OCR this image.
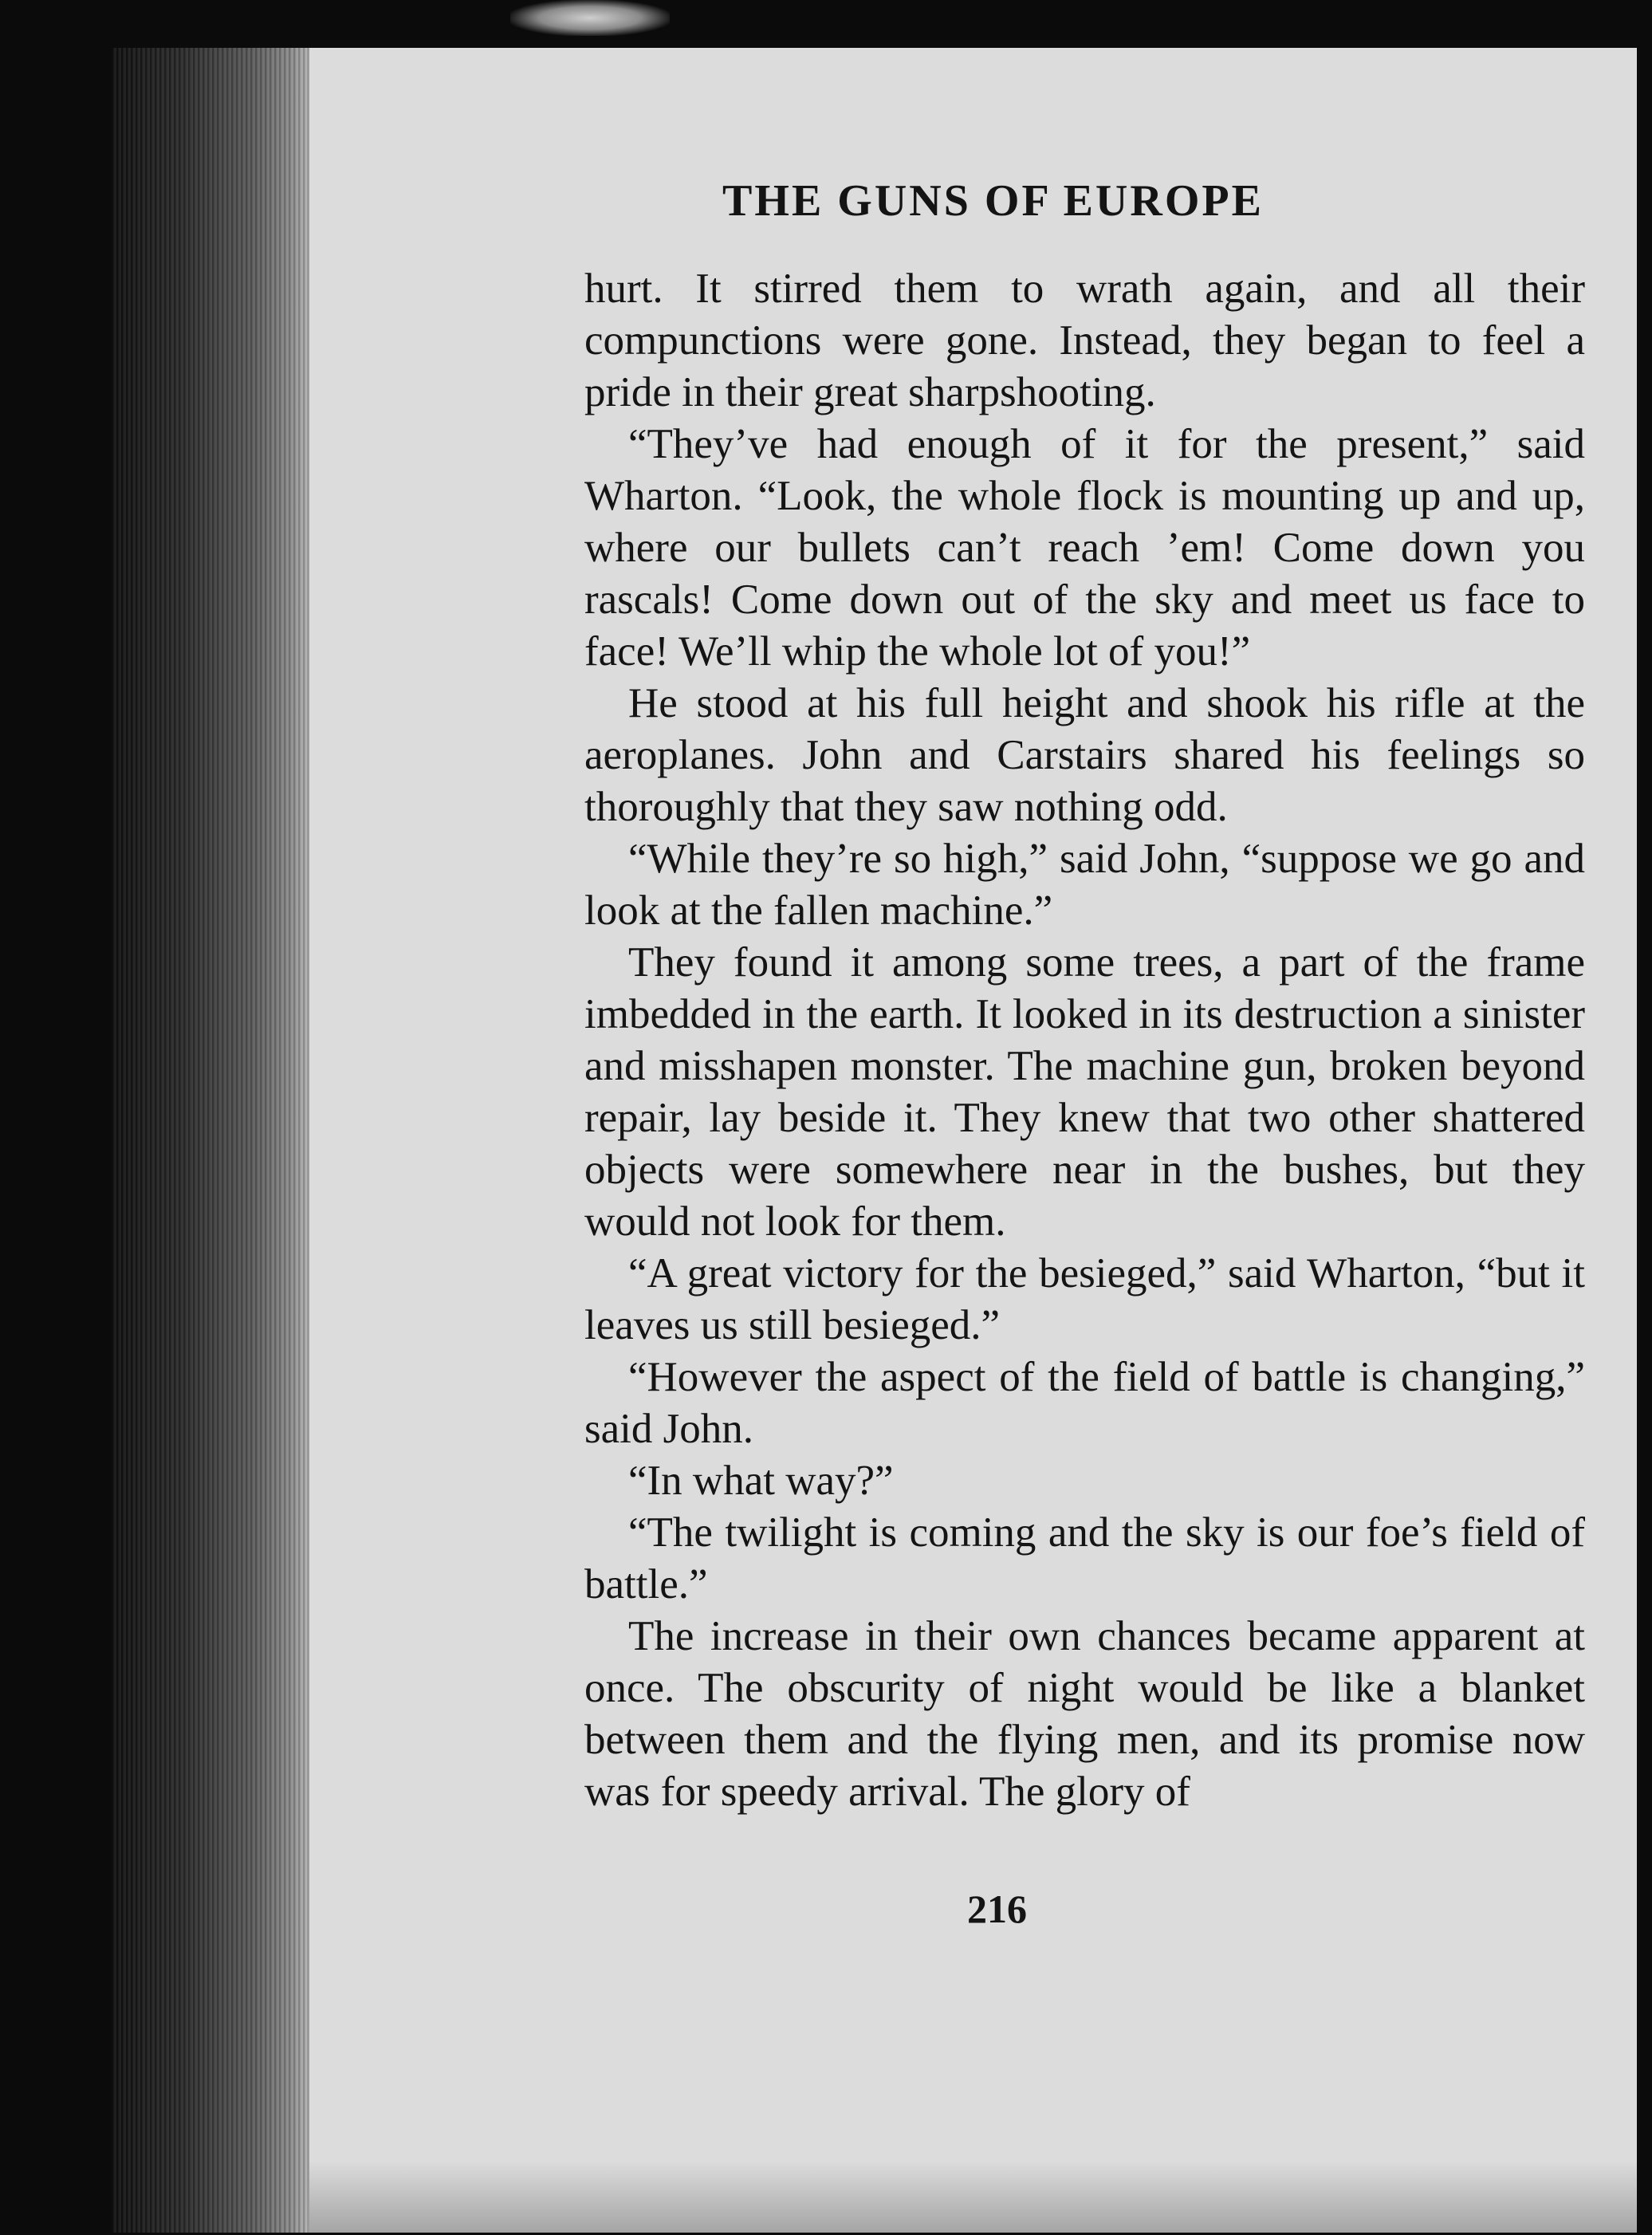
THE GUNS OF EUROPE

hurt. It stirred them to wrath again, and all their compunctions were gone. Instead, they began to feel a pride in their great sharpshooting.

“They’ve had enough of it for the present,” said Wharton. “Look, the whole flock is mounting up and up, where our bullets can’t reach ’em! Come down you rascals! Come down out of the sky and meet us face to face! We’ll whip the whole lot of you!”

He stood at his full height and shook his rifle at the aeroplanes. John and Carstairs shared his feelings so thoroughly that they saw nothing odd.

“While they’re so high,” said John, “suppose we go and look at the fallen machine.”

They found it among some trees, a part of the frame imbedded in the earth. It looked in its destruction a sinister and misshapen monster. The machine gun, broken beyond repair, lay beside it. They knew that two other shattered objects were somewhere near in the bushes, but they would not look for them.

“A great victory for the besieged,” said Wharton, “but it leaves us still besieged.”

“However the aspect of the field of battle is changing,” said John.

“In what way?”

“The twilight is coming and the sky is our foe’s field of battle.”

The increase in their own chances became apparent at once. The obscurity of night would be like a blanket between them and the flying men, and its promise now was for speedy arrival. The glory of

216
